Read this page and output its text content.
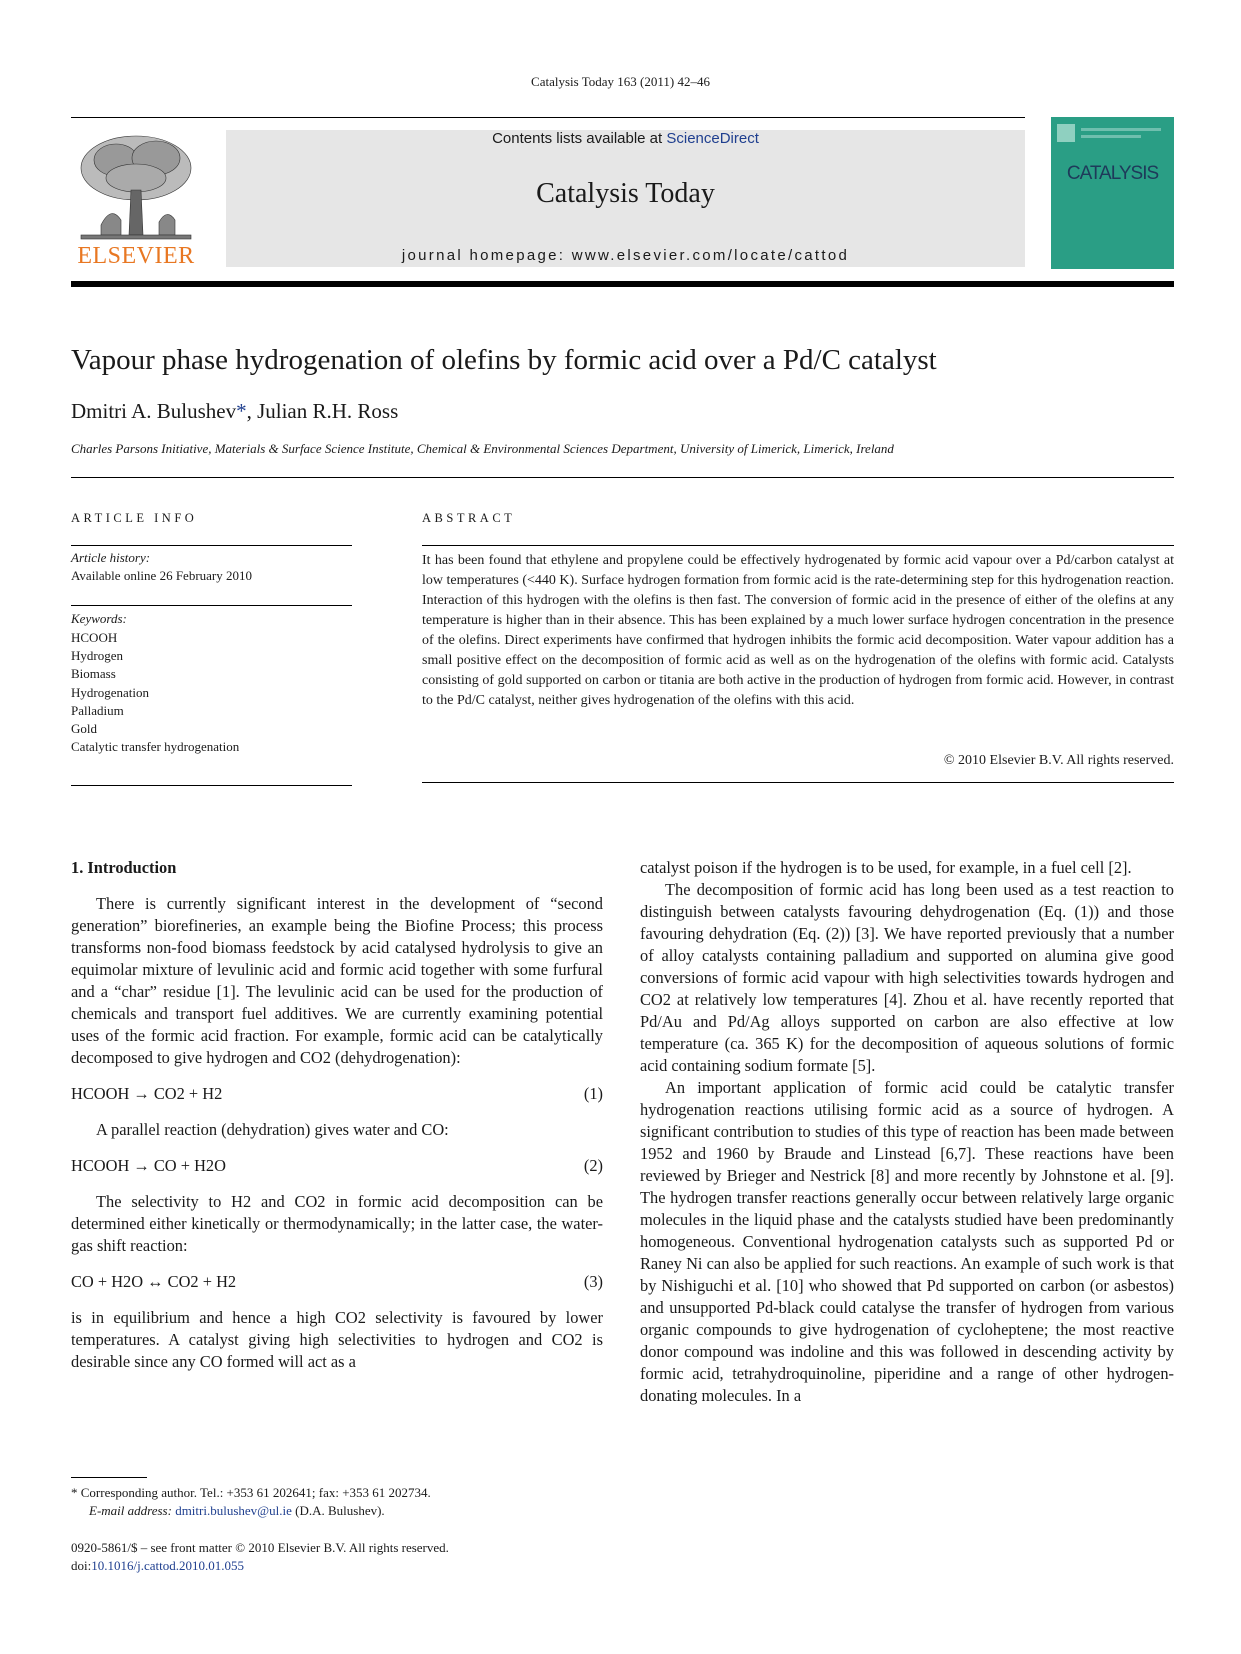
Catalysis Today 163 (2011) 42–46
ELSEVIER
Contents lists available at ScienceDirect
Catalysis Today
journal homepage: www.elsevier.com/locate/cattod
CATALYSIS
Vapour phase hydrogenation of olefins by formic acid over a Pd/C catalyst
Dmitri A. Bulushev*, Julian R.H. Ross
Charles Parsons Initiative, Materials & Surface Science Institute, Chemical & Environmental Sciences Department, University of Limerick, Limerick, Ireland
ARTICLE INFO	ABSTRACT
Article history:
Available online 26 February 2010
Keywords:
HCOOH
Hydrogen
Biomass
Hydrogenation
Palladium
Gold
Catalytic transfer hydrogenation
It has been found that ethylene and propylene could be effectively hydrogenated by formic acid vapour over a Pd/carbon catalyst at low temperatures (<440 K). Surface hydrogen formation from formic acid is the rate-determining step for this hydrogenation reaction. Interaction of this hydrogen with the olefins is then fast. The conversion of formic acid in the presence of either of the olefins at any temperature is higher than in their absence. This has been explained by a much lower surface hydrogen concentration in the presence of the olefins. Direct experiments have confirmed that hydrogen inhibits the formic acid decomposition. Water vapour addition has a small positive effect on the decomposition of formic acid as well as on the hydrogenation of the olefins with formic acid. Catalysts consisting of gold supported on carbon or titania are both active in the production of hydrogen from formic acid. However, in contrast to the Pd/C catalyst, neither gives hydrogenation of the olefins with this acid.
© 2010 Elsevier B.V. All rights reserved.

1. Introduction

There is currently significant interest in the development of “second generation” biorefineries, an example being the Biofine Process; this process transforms non-food biomass feedstock by acid catalysed hydrolysis to give an equimolar mixture of levulinic acid and formic acid together with some furfural and a “char” residue [1]. The levulinic acid can be used for the production of chemicals and transport fuel additives. We are currently examining potential uses of the formic acid fraction. For example, formic acid can be catalytically decomposed to give hydrogen and CO2 (dehydrogenation):

HCOOH → CO2 + H2	(1)

A parallel reaction (dehydration) gives water and CO:

HCOOH → CO + H2O	(2)

The selectivity to H2 and CO2 in formic acid decomposition can be determined either kinetically or thermodynamically; in the latter case, the water-gas shift reaction:

CO + H2O ↔ CO2 + H2	(3)

is in equilibrium and hence a high CO2 selectivity is favoured by lower temperatures. A catalyst giving high selectivities to hydrogen and CO2 is desirable since any CO formed will act as a

catalyst poison if the hydrogen is to be used, for example, in a fuel cell [2].

The decomposition of formic acid has long been used as a test reaction to distinguish between catalysts favouring dehydrogenation (Eq. (1)) and those favouring dehydration (Eq. (2)) [3]. We have reported previously that a number of alloy catalysts containing palladium and supported on alumina give good conversions of formic acid vapour with high selectivities towards hydrogen and CO2 at relatively low temperatures [4]. Zhou et al. have recently reported that Pd/Au and Pd/Ag alloys supported on carbon are also effective at low temperature (ca. 365 K) for the decomposition of aqueous solutions of formic acid containing sodium formate [5].

An important application of formic acid could be catalytic transfer hydrogenation reactions utilising formic acid as a source of hydrogen. A significant contribution to studies of this type of reaction has been made between 1952 and 1960 by Braude and Linstead [6,7]. These reactions have been reviewed by Brieger and Nestrick [8] and more recently by Johnstone et al. [9]. The hydrogen transfer reactions generally occur between relatively large organic molecules in the liquid phase and the catalysts studied have been predominantly homogeneous. Conventional hydrogenation catalysts such as supported Pd or Raney Ni can also be applied for such reactions. An example of such work is that by Nishiguchi et al. [10] who showed that Pd supported on carbon (or asbestos) and unsupported Pd-black could catalyse the transfer of hydrogen from various organic compounds to give hydrogenation of cycloheptene; the most reactive donor compound was indoline and this was followed in descending activity by formic acid, tetrahydroquinoline, piperidine and a range of other hydrogen-donating molecules. In a

* Corresponding author. Tel.: +353 61 202641; fax: +353 61 202734.
E-mail address: dmitri.bulushev@ul.ie (D.A. Bulushev).
0920-5861/$ – see front matter © 2010 Elsevier B.V. All rights reserved.
doi:10.1016/j.cattod.2010.01.055
